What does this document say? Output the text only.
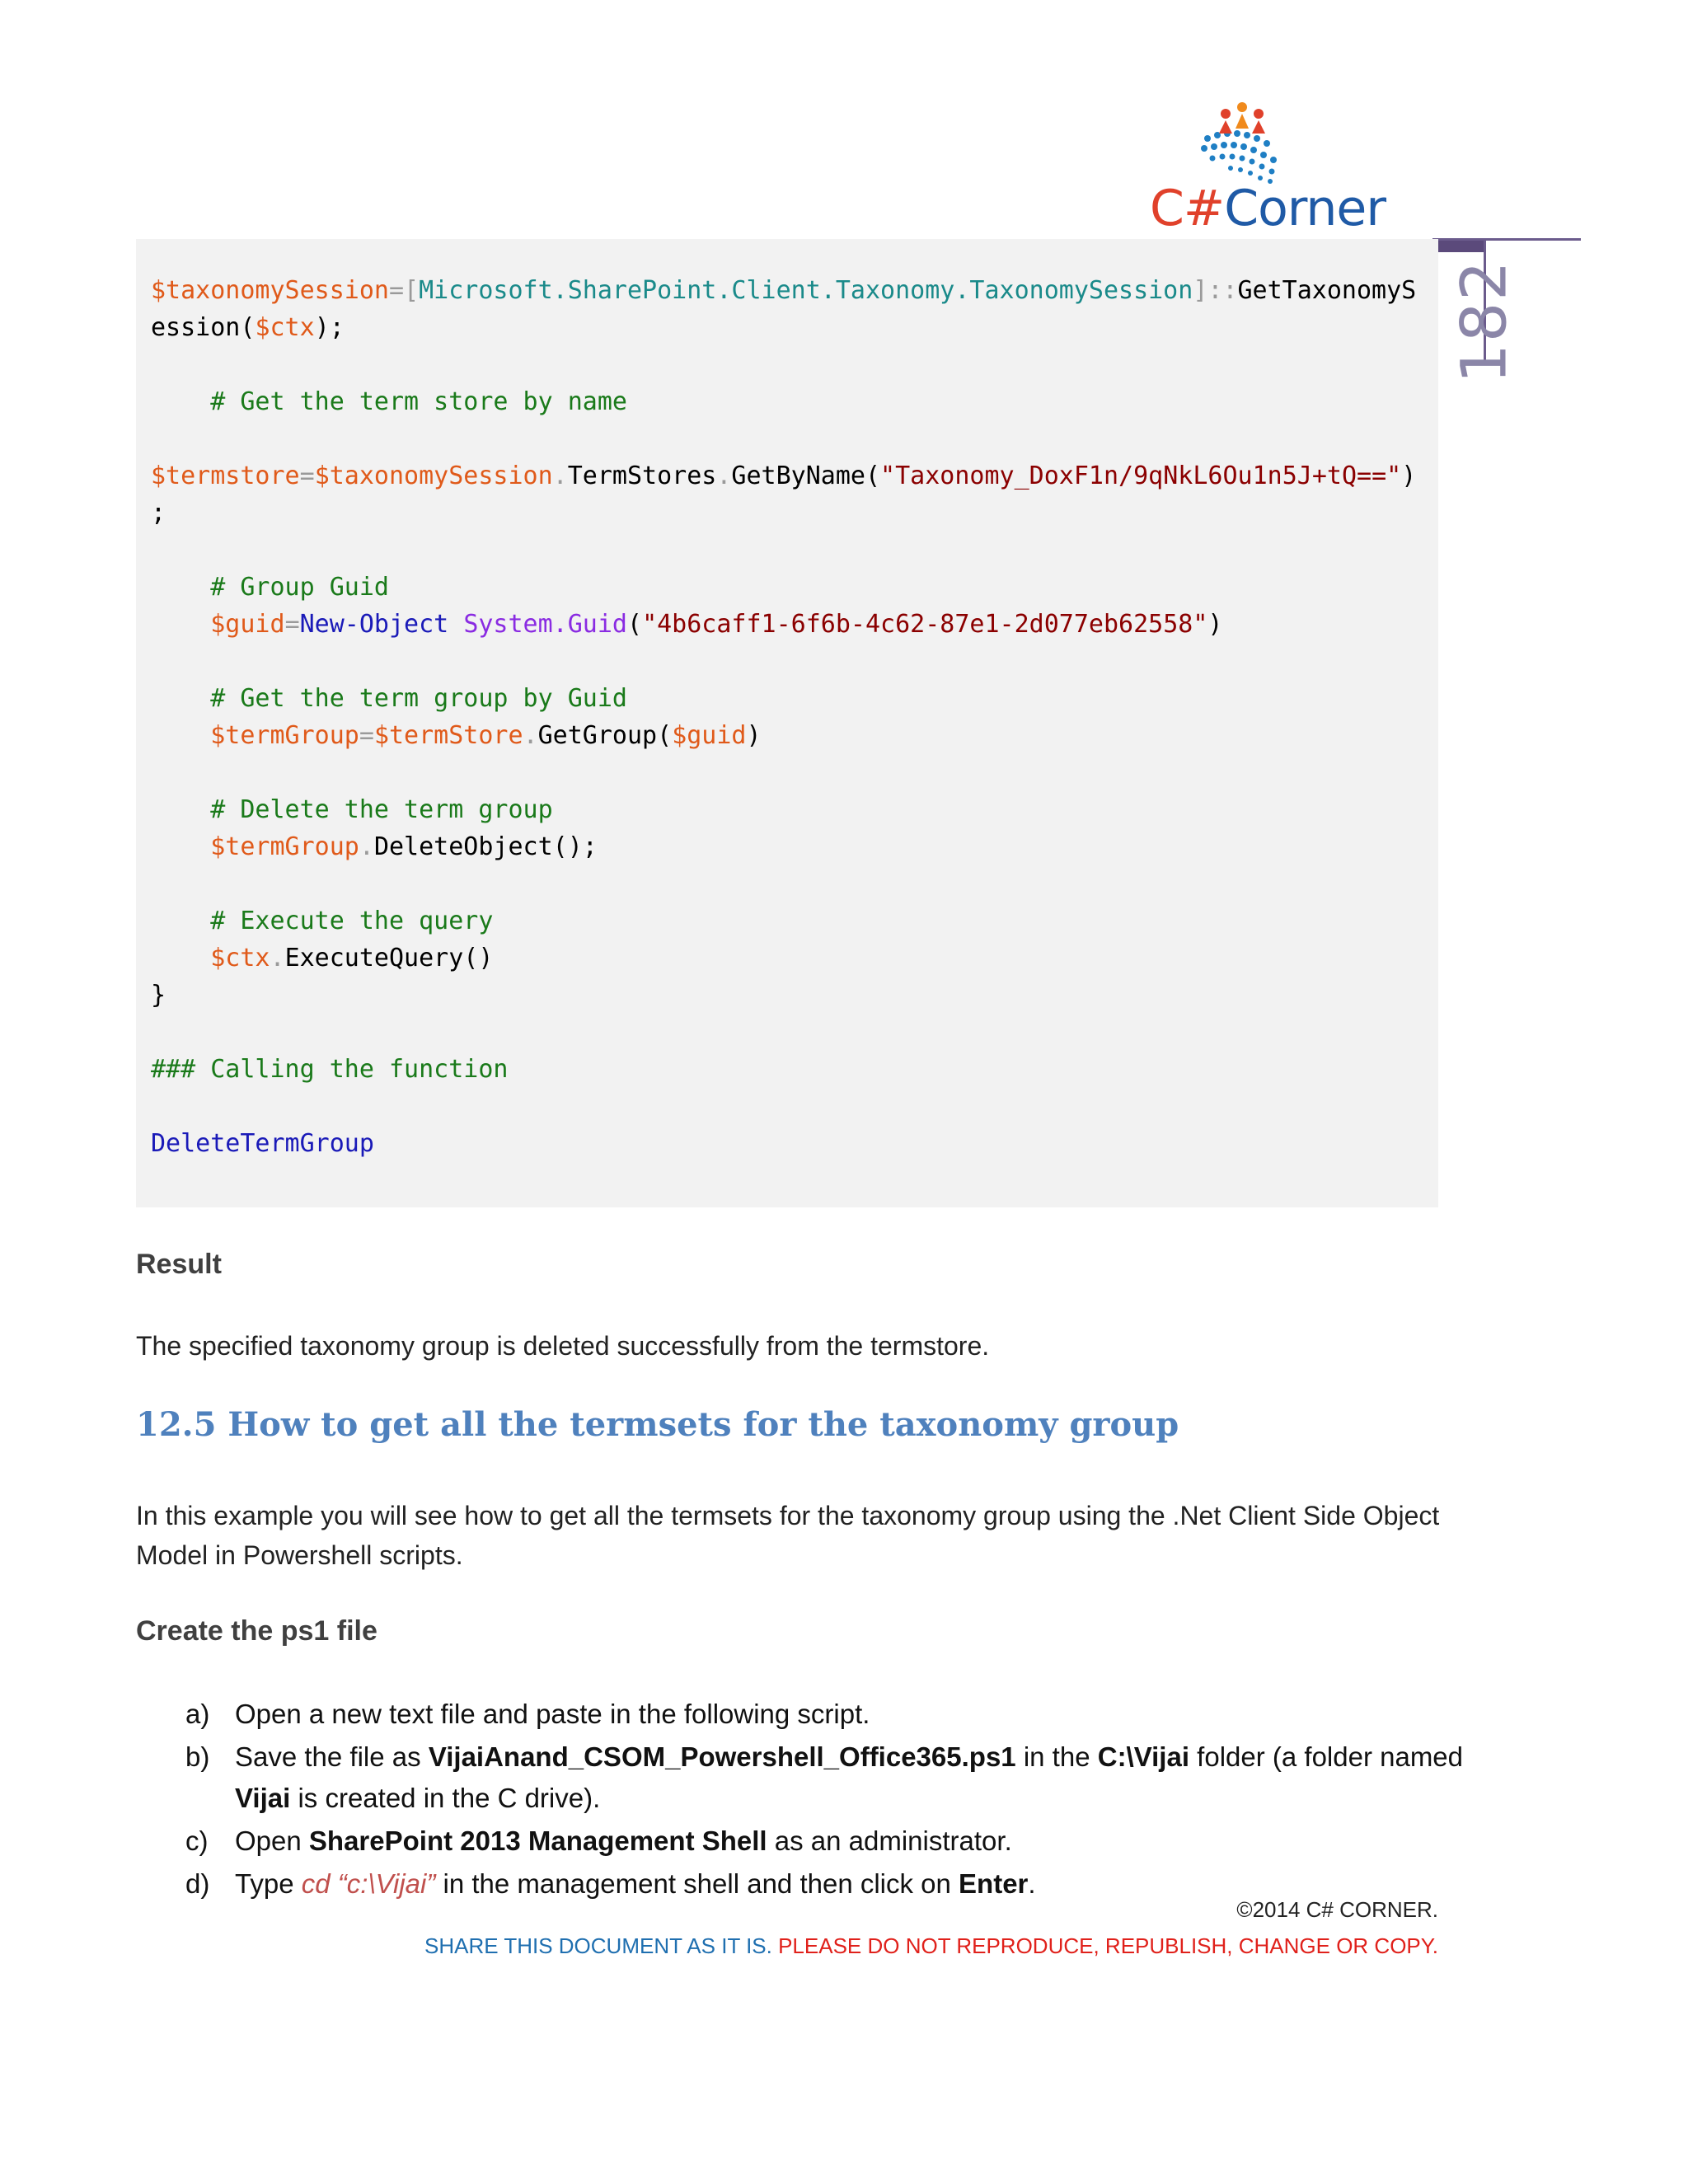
C#Corner
182
$taxonomySession=[Microsoft.SharePoint.Client.Taxonomy.TaxonomySession]::GetTaxonomyS
ession($ctx);

# Get the term store by name

$termstore=$taxonomySession.TermStores.GetByName("Taxonomy_DoxF1n/9qNkL6Ou1n5J+tQ==")
;

# Group Guid
$guid=New-Object System.Guid("4b6caff1-6f6b-4c62-87e1-2d077eb62558")

# Get the term group by Guid
$termGroup=$termStore.GetGroup($guid)

# Delete the term group
$termGroup.DeleteObject();

# Execute the query
$ctx.ExecuteQuery()
}

### Calling the function

DeleteTermGroup
Result
The specified taxonomy group is deleted successfully from the termstore.
12.5 How to get all the termsets for the taxonomy group
In this example you will see how to get all the termsets for the taxonomy group using the .Net Client Side Object Model in Powershell scripts.
Create the ps1 file
a) Open a new text file and paste in the following script.
b) Save the file as VijaiAnand_CSOM_Powershell_Office365.ps1 in the C:\Vijai folder (a folder named Vijai is created in the C drive).
c) Open SharePoint 2013 Management Shell as an administrator.
d) Type cd “c:\Vijai” in the management shell and then click on Enter.
©2014 C# CORNER.
SHARE THIS DOCUMENT AS IT IS. PLEASE DO NOT REPRODUCE, REPUBLISH, CHANGE OR COPY.
